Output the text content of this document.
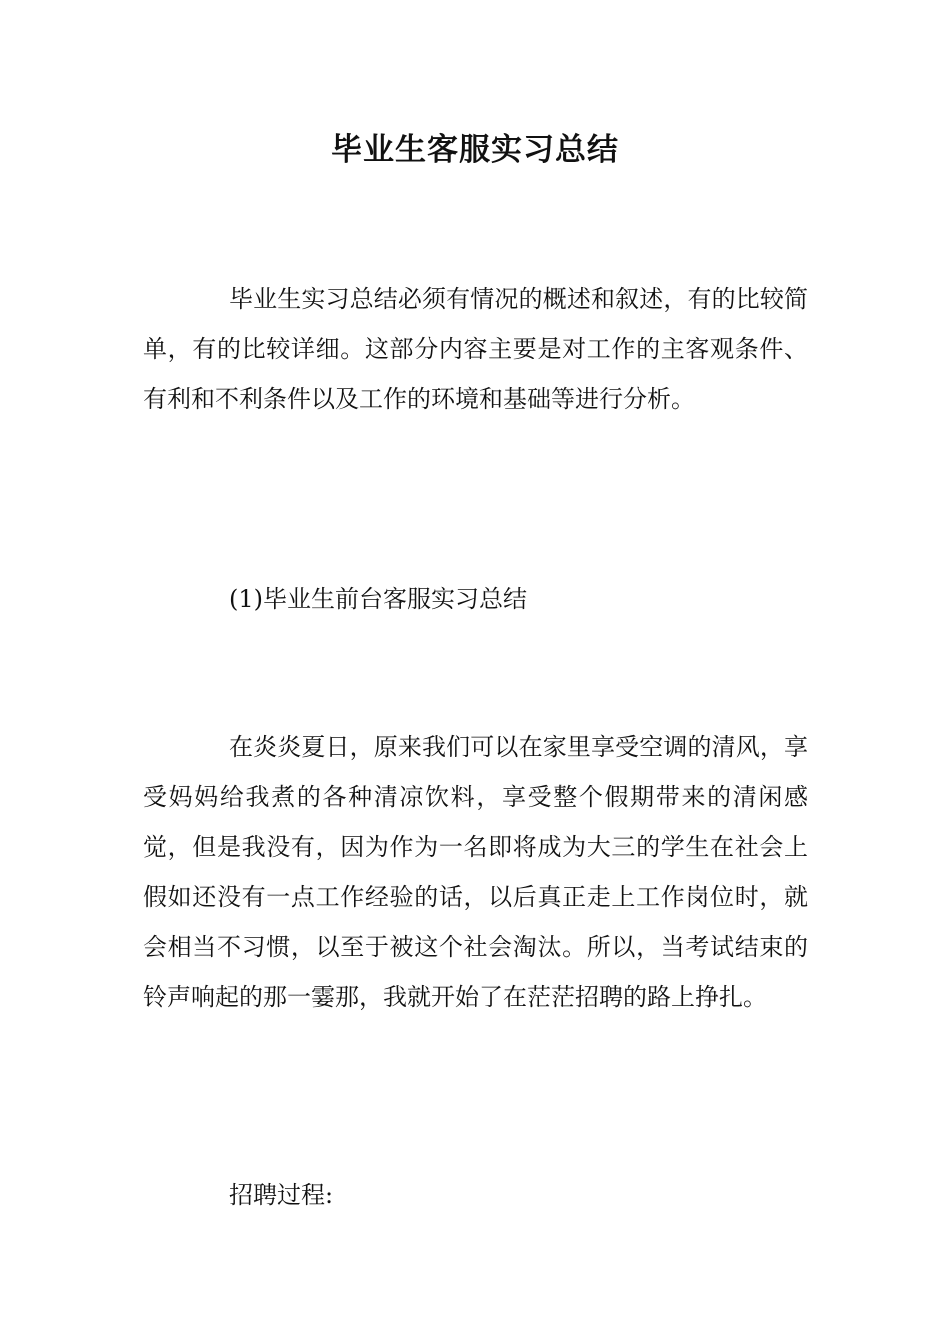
毕业生客服实习总结

毕业生实习总结必须有情况的概述和叙述，有的比较简单，有的比较详细。这部分内容主要是对工作的主客观条件、有利和不利条件以及工作的环境和基础等进行分析。

(1)毕业生前台客服实习总结

在炎炎夏日，原来我们可以在家里享受空调的清风，享受妈妈给我煮的各种清凉饮料，享受整个假期带来的清闲感觉，但是我没有，因为作为一名即将成为大三的学生在社会上假如还没有一点工作经验的话，以后真正走上工作岗位时，就会相当不习惯，以至于被这个社会淘汰。所以，当考试结束的铃声响起的那一霎那，我就开始了在茫茫招聘的路上挣扎。

招聘过程:
